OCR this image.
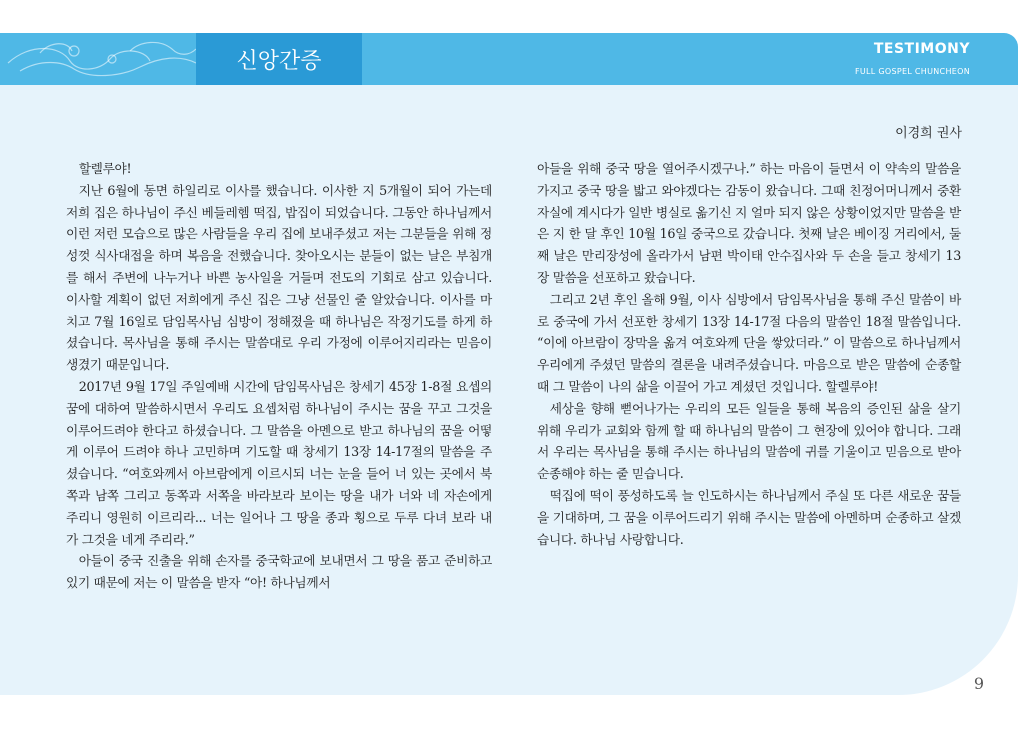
신앙간증	TESTIMONY
FULL GOSPEL CHUNCHEON
이경희 권사

할렐루야!

지난 6월에 동면 하일리로 이사를 했습니다. 이사한 지 5개월이 되어 가는데 저희 집은 하나님이 주신 베들레헴 떡집, 밥집이 되었습니다. 그동안 하나님께서 이런 저런 모습으로 많은 사람들을 우리 집에 보내주셨고 저는 그분들을 위해 정성껏 식사대접을 하며 복음을 전했습니다. 찾아오시는 분들이 없는 날은 부침개를 해서 주변에 나누거나 바쁜 농사일을 거들며 전도의 기회로 삼고 있습니다. 이사할 계획이 없던 저희에게 주신 집은 그냥 선물인 줄 알았습니다. 이사를 마치고 7월 16일로 담임목사님 심방이 정해졌을 때 하나님은 작정기도를 하게 하셨습니다. 목사님을 통해 주시는 말씀대로 우리 가정에 이루어지리라는 믿음이 생겼기 때문입니다.

2017년 9월 17일 주일예배 시간에 담임목사님은 창세기 45장 1-8절 요셉의 꿈에 대하여 말씀하시면서 우리도 요셉처럼 하나님이 주시는 꿈을 꾸고 그것을 이루어드려야 한다고 하셨습니다. 그 말씀을 아멘으로 받고 하나님의 꿈을 어떻게 이루어 드려야 하나 고민하며 기도할 때 창세기 13장 14-17절의 말씀을 주셨습니다. “여호와께서 아브람에게 이르시되 너는 눈을 들어 너 있는 곳에서 북쪽과 남쪽 그리고 동쪽과 서쪽을 바라보라 보이는 땅을 내가 너와 네 자손에게 주리니 영원히 이르리라... 너는 일어나 그 땅을 종과 횡으로 두루 다녀 보라 내가 그것을 네게 주리라.”

아들이 중국 진출을 위해 손자를 중국학교에 보내면서 그 땅을 품고 준비하고 있기 때문에 저는 이 말씀을 받자 “아! 하나님께서

아들을 위해 중국 땅을 열어주시겠구나.” 하는 마음이 들면서 이 약속의 말씀을 가지고 중국 땅을 밟고 와야겠다는 감동이 왔습니다. 그때 친정어머니께서 중환자실에 계시다가 일반 병실로 옮기신 지 얼마 되지 않은 상황이었지만 말씀을 받은 지 한 달 후인 10월 16일 중국으로 갔습니다. 첫째 날은 베이징 거리에서, 둘째 날은 만리장성에 올라가서 남편 박이태 안수집사와 두 손을 들고 창세기 13장 말씀을 선포하고 왔습니다.

그리고 2년 후인 올해 9월, 이사 심방에서 담임목사님을 통해 주신 말씀이 바로 중국에 가서 선포한 창세기 13장 14-17절 다음의 말씀인 18절 말씀입니다. “이에 아브람이 장막을 옮겨 여호와께 단을 쌓았더라.” 이 말씀으로 하나님께서 우리에게 주셨던 말씀의 결론을 내려주셨습니다. 마음으로 받은 말씀에 순종할 때 그 말씀이 나의 삶을 이끌어 가고 계셨던 것입니다. 할렐루야!

세상을 향해 뻗어나가는 우리의 모든 일들을 통해 복음의 증인된 삶을 살기 위해 우리가 교회와 함께 할 때 하나님의 말씀이 그 현장에 있어야 합니다. 그래서 우리는 목사님을 통해 주시는 하나님의 말씀에 귀를 기울이고 믿음으로 받아 순종해야 하는 줄 믿습니다.

떡집에 떡이 풍성하도록 늘 인도하시는 하나님께서 주실 또 다른 새로운 꿈들을 기대하며, 그 꿈을 이루어드리기 위해 주시는 말씀에 아멘하며 순종하고 살겠습니다. 하나님 사랑합니다.

9
